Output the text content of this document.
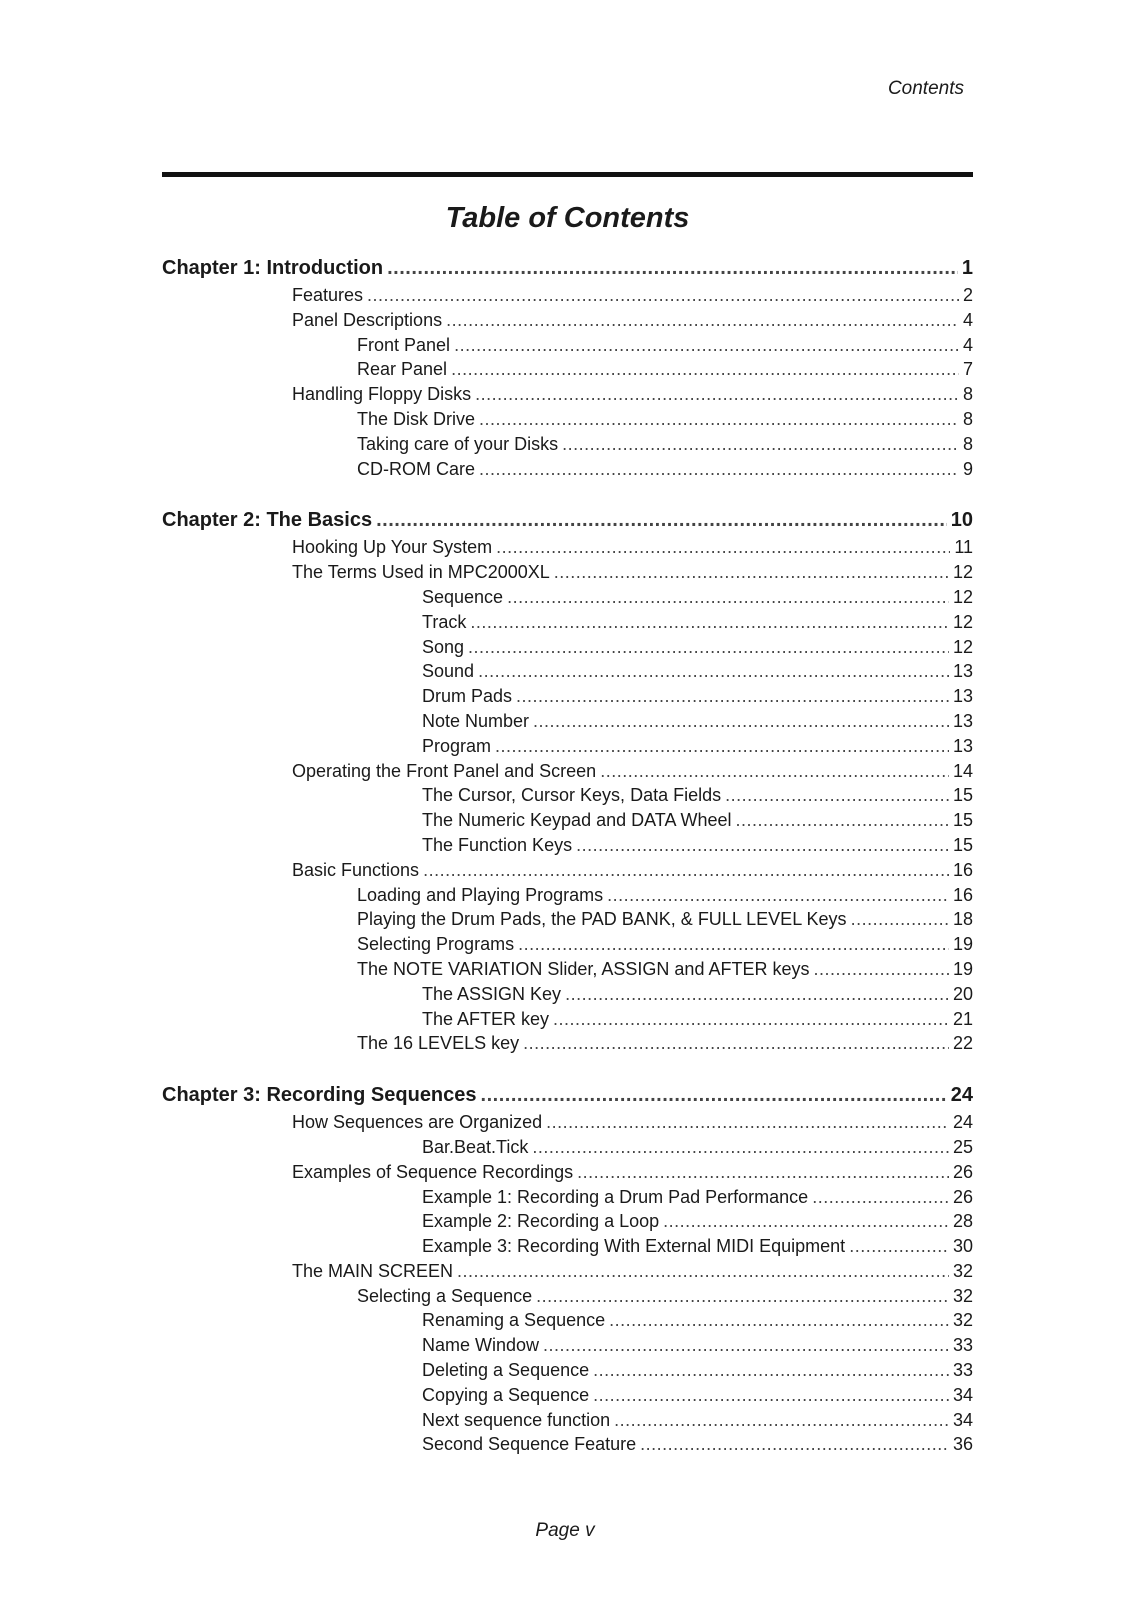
Contents
Table of Contents
Chapter 1: Introduction .....	1
Features .....	2
Panel Descriptions .....	4
Front Panel .....	4
Rear Panel .....	7
Handling Floppy Disks .....	8
The Disk Drive .....	8
Taking care of your Disks .....	8
CD-ROM Care .....	9
Chapter 2: The Basics .....	10
Hooking Up Your System .....	11
The Terms Used in MPC2000XL .....	12
Sequence .....	12
Track .....	12
Song .....	12
Sound .....	13
Drum Pads .....	13
Note Number .....	13
Program .....	13
Operating the Front Panel and Screen .....	14
The Cursor, Cursor Keys, Data Fields .....	15
The Numeric Keypad and DATA Wheel .....	15
The Function Keys .....	15
Basic Functions .....	16
Loading and Playing Programs .....	16
Playing the Drum Pads, the PAD BANK, & FULL LEVEL Keys .....	18
Selecting Programs .....	19
The NOTE VARIATION Slider, ASSIGN and AFTER keys .....	19
The ASSIGN Key .....	20
The AFTER key .....	21
The 16 LEVELS key .....	22
Chapter 3: Recording Sequences .....	24
How Sequences are Organized .....	24
Bar.Beat.Tick .....	25
Examples of Sequence Recordings .....	26
Example 1: Recording a Drum Pad Performance .....	26
Example 2: Recording a Loop .....	28
Example 3: Recording With External MIDI Equipment .....	30
The MAIN SCREEN .....	32
Selecting a Sequence .....	32
Renaming a Sequence .....	32
Name Window .....	33
Deleting a Sequence .....	33
Copying a Sequence .....	34
Next sequence function .....	34
Second Sequence Feature .....	36
Page v
